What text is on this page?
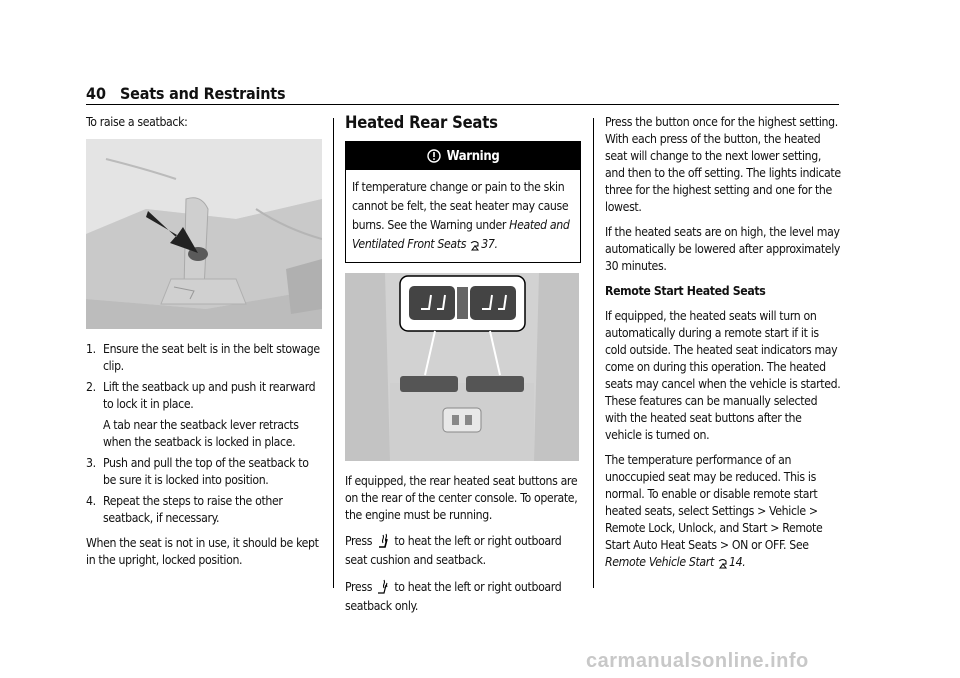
40 Seats and Restraints

To raise a seatback:

1. Ensure the seat belt is in the belt stowage clip.
2. Lift the seatback up and push it rearward to lock it in place.
A tab near the seatback lever retracts when the seatback is locked in place.
3. Push and pull the top of the seatback to be sure it is locked into position.
4. Repeat the steps to raise the other seatback, if necessary.

When the seat is not in use, it should be kept in the upright, locked position.

Heated Rear Seats

Warning
If temperature change or pain to the skin cannot be felt, the seat heater may cause burns. See the Warning under Heated and Ventilated Front Seats 37.

If equipped, the rear heated seat buttons are on the rear of the center console. To operate, the engine must be running.

Press to heat the left or right outboard seat cushion and seatback.

Press to heat the left or right outboard seatback only.

Press the button once for the highest setting. With each press of the button, the heated seat will change to the next lower setting, and then to the off setting. The lights indicate three for the highest setting and one for the lowest.

If the heated seats are on high, the level may automatically be lowered after approximately 30 minutes.

Remote Start Heated Seats

If equipped, the heated seats will turn on automatically during a remote start if it is cold outside. The heated seat indicators may come on during this operation. The heated seats may cancel when the vehicle is started. These features can be manually selected with the heated seat buttons after the vehicle is turned on.

The temperature performance of an unoccupied seat may be reduced. This is normal. To enable or disable remote start heated seats, select Settings > Vehicle > Remote Lock, Unlock, and Start > Remote Start Auto Heat Seats > ON or OFF. See Remote Vehicle Start 14.

carmanualsonline.info
